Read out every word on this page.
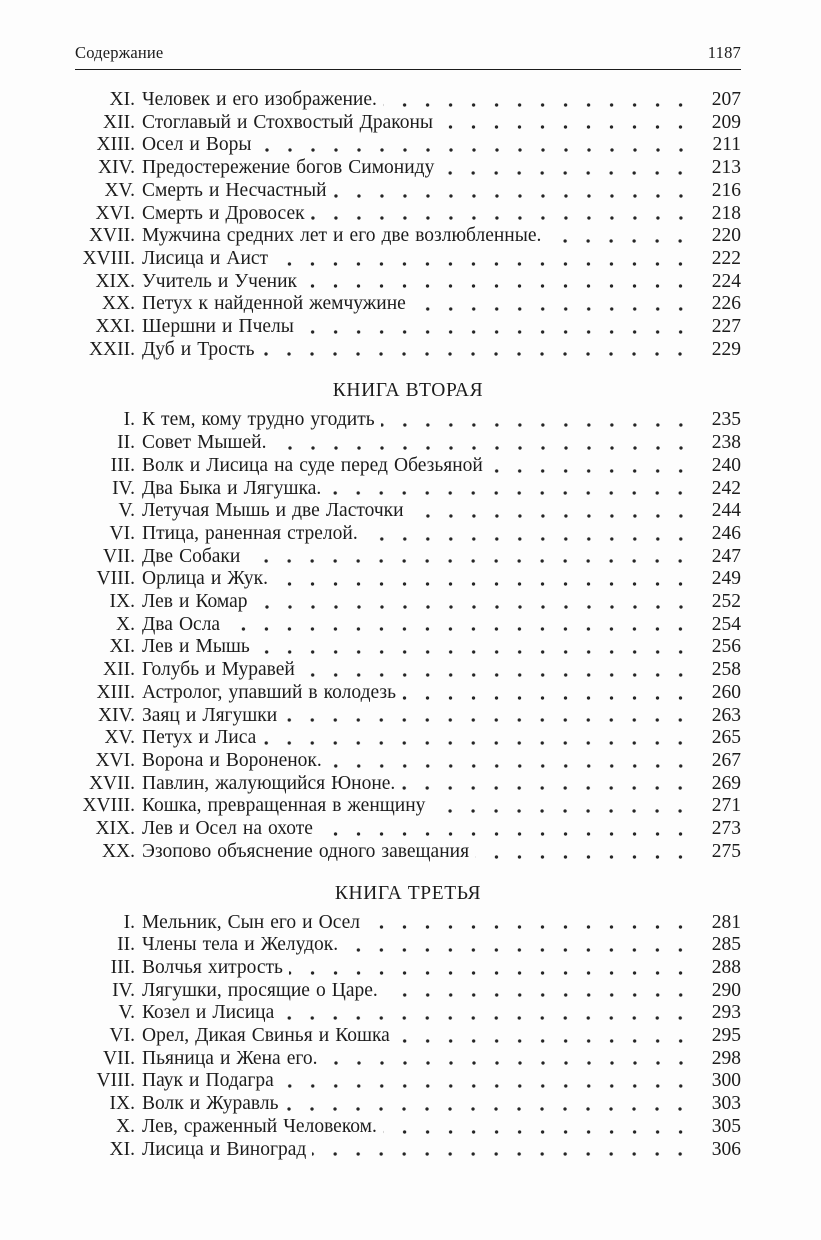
Содержание	1187
XI. Человек и его изображение.	207
XII. Стоглавый и Стохвостый Драконы	209
XIII. Осел и Воры	211
XIV. Предостережение богов Симониду	213
XV. Смерть и Несчастный	216
XVI. Смерть и Дровосек	218
XVII. Мужчина средних лет и его две возлюбленные.	220
XVIII. Лисица и Аист	222
XIX. Учитель и Ученик	224
XX. Петух к найденной жемчужине	226
XXI. Шершни и Пчелы	227
XXII. Дуб и Трость	229
КНИГА ВТОРАЯ
I. К тем, кому трудно угодить	235
II. Совет Мышей.	238
III. Волк и Лисица на суде перед Обезьяной	240
IV. Два Быка и Лягушка.	242
V. Летучая Мышь и две Ласточки	244
VI. Птица, раненная стрелой.	246
VII. Две Собаки	247
VIII. Орлица и Жук.	249
IX. Лев и Комар	252
X. Два Осла	254
XI. Лев и Мышь	256
XII. Голубь и Муравей	258
XIII. Астролог, упавший в колодезь	260
XIV. Заяц и Лягушки	263
XV. Петух и Лиса	265
XVI. Ворона и Вороненок.	267
XVII. Павлин, жалующийся Юноне.	269
XVIII. Кошка, превращенная в женщину	271
XIX. Лев и Осел на охоте	273
XX. Эзопово объяснение одного завещания	275
КНИГА ТРЕТЬЯ
I. Мельник, Сын его и Осел	281
II. Члены тела и Желудок.	285
III. Волчья хитрость	288
IV. Лягушки, просящие о Царе.	290
V. Козел и Лисица	293
VI. Орел, Дикая Свинья и Кошка	295
VII. Пьяница и Жена его.	298
VIII. Паук и Подагра	300
IX. Волк и Журавль	303
X. Лев, сраженный Человеком.	305
XI. Лисица и Виноград	306
